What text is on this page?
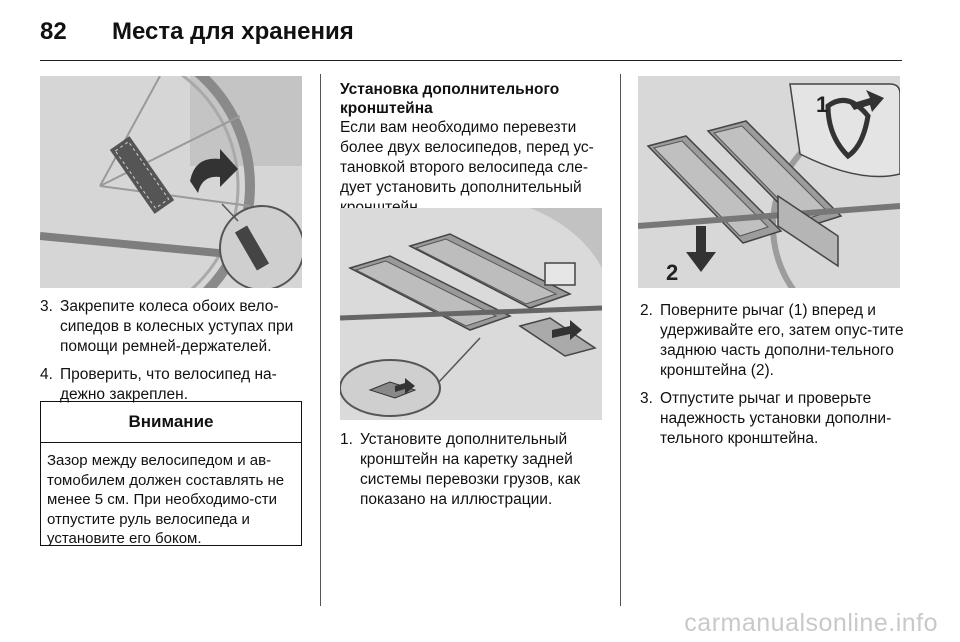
82	Места для хранения
3. Закрепите колеса обоих вело-сипедов в колесных уступах при помощи ремней-держателей.
4. Проверить, что велосипед на-дежно закреплен.
Внимание
Зазор между велосипедом и ав-томобилем должен составлять не менее 5 см. При необходимо-сти отпустите руль велосипеда и установите его боком.
Установка дополнительного кронштейна
Если вам необходимо перевезти более двух велосипедов, перед ус-тановкой второго велосипеда сле-дует установить дополнительный
1. Установите дополнительный кронштейн на каретку задней системы перевозки грузов, как показано на иллюстрации.
1
2
2. Поверните рычаг (1) вперед и удерживайте его, затем опус-тите заднюю часть дополни-тельного кронштейна (2).
3. Отпустите рычаг и проверьте надежность установки дополни-тельного кронштейна.
carmanualsonline.info
